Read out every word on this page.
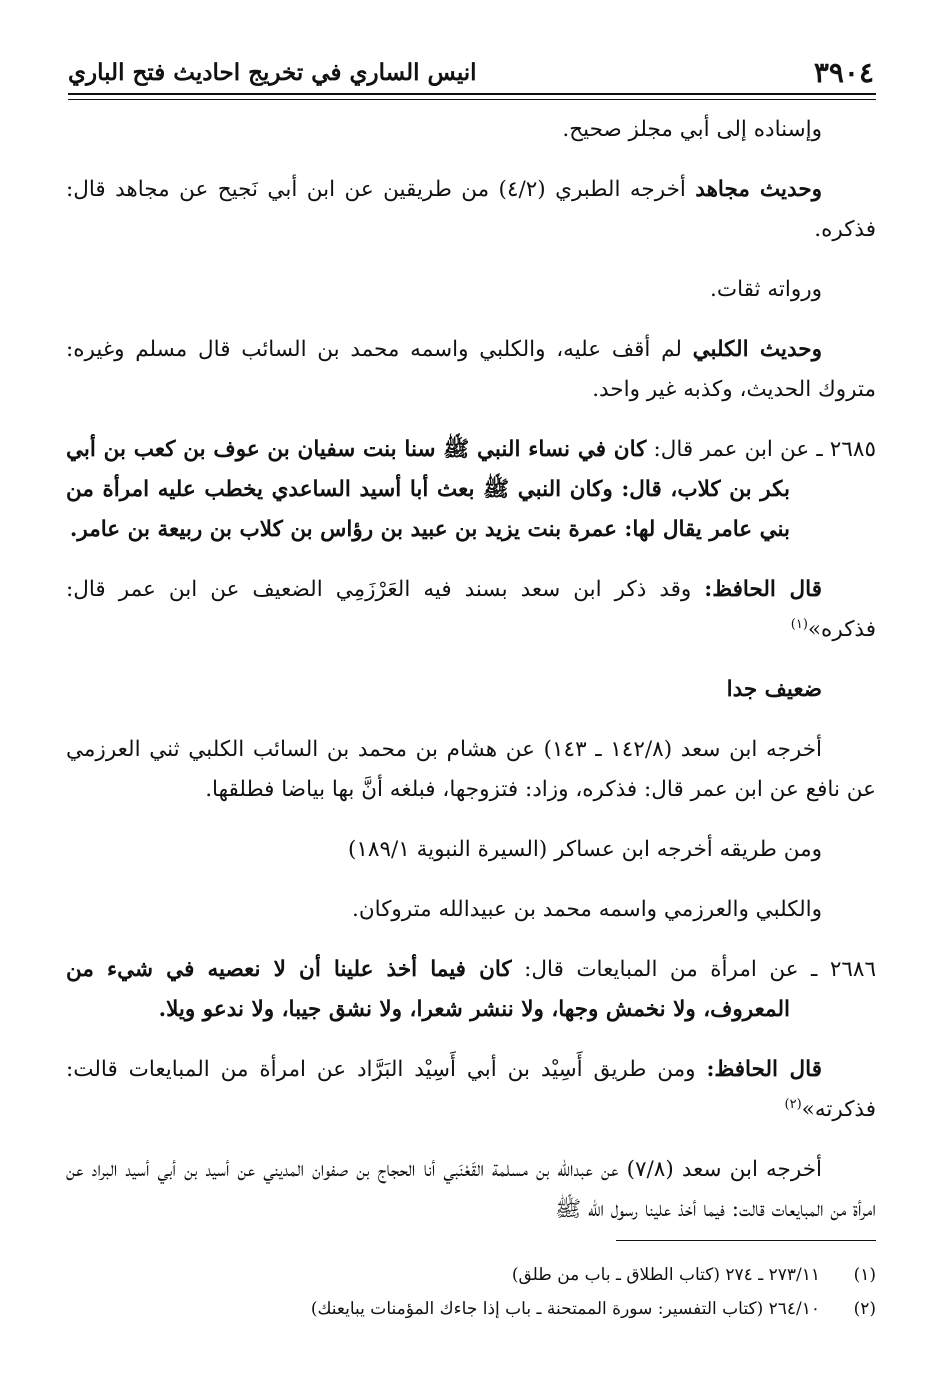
٣٩٠٤
انيس الساري في تخريج احاديث فتح الباري

وإسناده إلى أبي مجلز صحيح.

وحديث مجاهد أخرجه الطبري (٤/٢) من طريقين عن ابن أبي نَجيح عن مجاهد قال: فذكره.

ورواته ثقات.

وحديث الكلبي لم أقف عليه، والكلبي واسمه محمد بن السائب قال مسلم وغيره: متروك الحديث، وكذبه غير واحد.

٢٦٨٥ ـ عن ابن عمر قال: كان في نساء النبي ﷺ سنا بنت سفيان بن عوف بن كعب بن أبي بكر بن كلاب، قال: وكان النبي ﷺ بعث أبا أسيد الساعدي يخطب عليه امرأة من بني عامر يقال لها: عمرة بنت يزيد بن عبيد بن رؤاس بن كلاب بن ربيعة بن عامر.

قال الحافظ: وقد ذكر ابن سعد بسند فيه العَرْزَمِي الضعيف عن ابن عمر قال: فذكره»$^{(١)}$

ضعيف جدا

أخرجه ابن سعد (١٤٢/٨ ـ ١٤٣) عن هشام بن محمد بن السائب الكلبي ثني العرزمي عن نافع عن ابن عمر قال: فذكره، وزاد: فتزوجها، فبلغه أنَّ بها بياضا فطلقها.

ومن طريقه أخرجه ابن عساكر (السيرة النبوية ١٨٩/١)

والكلبي والعرزمي واسمه محمد بن عبيدالله متروكان.

٢٦٨٦ ـ عن امرأة من المبايعات قال: كان فيما أخذ علينا أن لا نعصيه في شيء من المعروف، ولا نخمش وجها، ولا ننشر شعرا، ولا نشق جيبا، ولا ندعو ويلا.

قال الحافظ: ومن طريق أَسِيْد بن أبي أَسِيْد البَرَّاد عن امرأة من المبايعات قالت: فذكرته»$^{(٢)}$

أخرجه ابن سعد (٧/٨) عن عبدالله بن مسلمة القَعْنَبي أنا الحجاج بن صفوان المديني عن أسيد بن أبي أسيد البراد عن امرأة من المبايعات قالت: فيما أخذ علينا رسول الله ﷺ

(١)٢٧٣/١١ ـ ٢٧٤ (كتاب الطلاق ـ باب من طلق)

(٢)٢٦٤/١٠ (كتاب التفسير: سورة الممتحنة ـ باب إذا جاءك المؤمنات يبايعنك)
